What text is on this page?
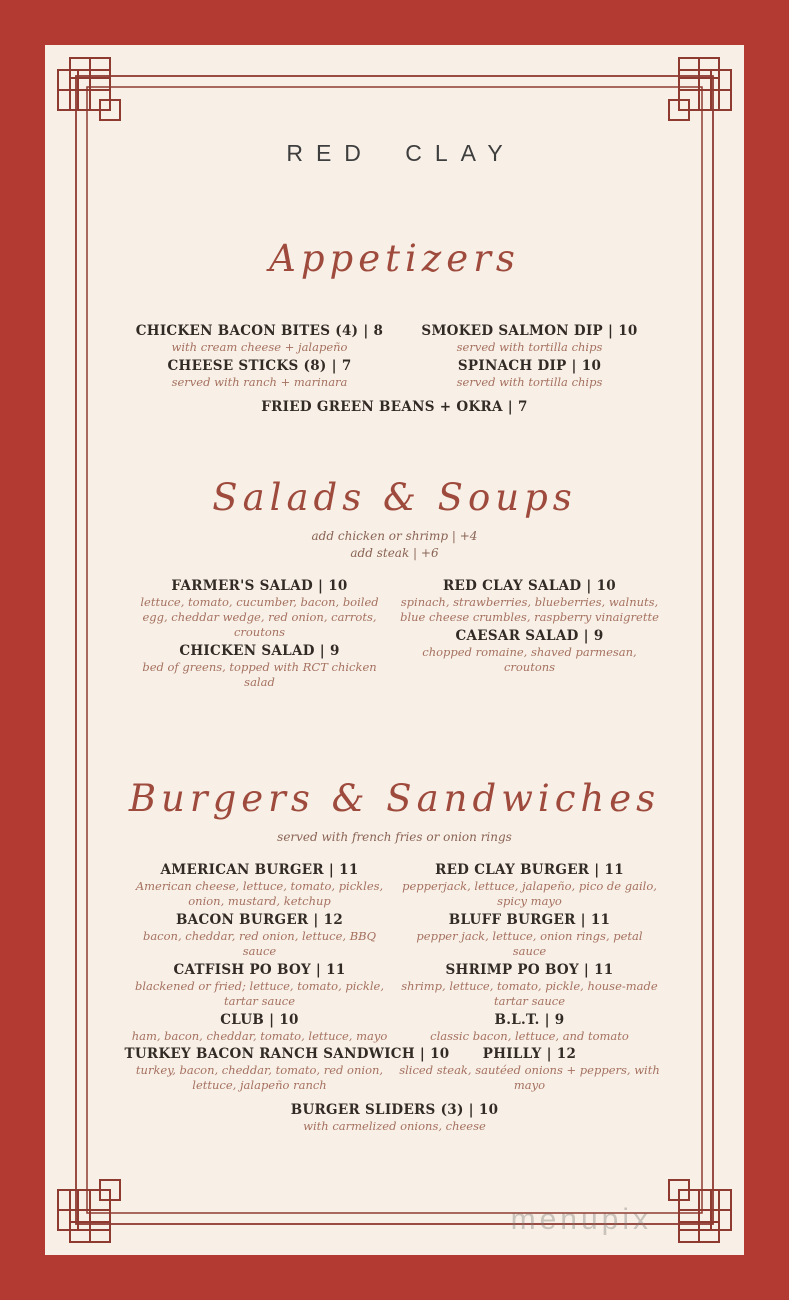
RED CLAY
Appetizers
CHICKEN BACON BITES (4) | 8
with cream cheese + jalapeño
CHEESE STICKS (8) | 7
served with ranch + marinara
SMOKED SALMON DIP | 10
served with tortilla chips
SPINACH DIP | 10
served with tortilla chips
FRIED GREEN BEANS + OKRA | 7
Salads & Soups
add chicken or shrimp | +4
add steak | +6
FARMER'S SALAD | 10
lettuce, tomato, cucumber, bacon, boiled egg, cheddar wedge, red onion, carrots, croutons
CHICKEN SALAD | 9
bed of greens, topped with RCT chicken salad
RED CLAY SALAD | 10
spinach, strawberries, blueberries, walnuts, blue cheese crumbles, raspberry vinaigrette
CAESAR SALAD | 9
chopped romaine, shaved parmesan, croutons
Burgers & Sandwiches
served with french fries or onion rings
AMERICAN BURGER | 11
American cheese, lettuce, tomato, pickles, onion, mustard, ketchup
BACON BURGER | 12
bacon, cheddar, red onion, lettuce, BBQ sauce
CATFISH PO BOY | 11
blackened or fried; lettuce, tomato, pickle, tartar sauce
CLUB | 10
ham, bacon, cheddar, tomato, lettuce, mayo
TURKEY BACON RANCH SANDWICH | 10
turkey, bacon, cheddar, tomato, red onion, lettuce, jalapeño ranch
RED CLAY BURGER | 11
pepperjack, lettuce, jalapeño, pico de gailo, spicy mayo
BLUFF BURGER | 11
pepper jack, lettuce, onion rings, petal sauce
SHRIMP PO BOY | 11
shrimp, lettuce, tomato, pickle, house-made tartar sauce
B.L.T. | 9
classic bacon, lettuce, and tomato
PHILLY | 12
sliced steak, sautéed onions + peppers, with mayo
BURGER SLIDERS (3) | 10
with carmelized onions, cheese
menupix
